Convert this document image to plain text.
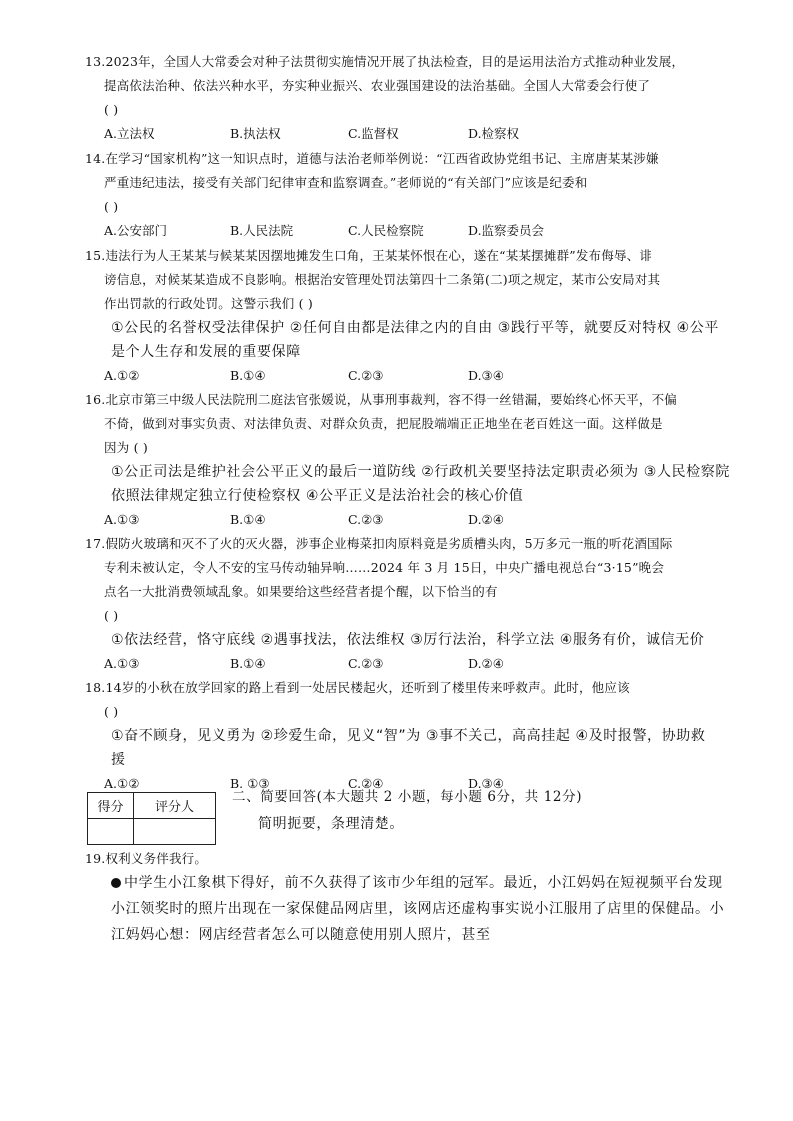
13.2023年，全国人大常委会对种子法贯彻实施情况开展了执法检查，目的是运用法治方式推动种业发展，
提高依法治种、依法兴种水平，夯实种业振兴、农业强国建设的法治基础。全国人大常委会行使了
( )
A.立法权	B.执法权	C.监督权	D.检察权
14.在学习“国家机构”这一知识点时，道德与法治老师举例说：“江西省政协党组书记、主席唐某某涉嫌
严重违纪违法，接受有关部门纪律审查和监察调查。”老师说的“有关部门”应该是纪委和
( )
A.公安部门	B.人民法院	C.人民检察院	D.监察委员会
15.违法行为人王某某与候某某因摆地摊发生口角，王某某怀恨在心，遂在“某某摆摊群”发布侮辱、诽
谤信息，对候某某造成不良影响。根据治安管理处罚法第四十二条第(二)项之规定，某市公安局对其
作出罚款的行政处罚。这警示我们 ( )
①公民的名誉权受法律保护 ②任何自由都是法律之内的自由 ③践行平等，就要反对特权 ④公平
是个人生存和发展的重要保障
A.①②	B.①④	C.②③	D.③④
16.北京市第三中级人民法院刑二庭法官张媛说，从事刑事裁判，容不得一丝错漏，要始终心怀天平，不偏
不倚，做到对事实负责、对法律负责、对群众负责，把屁股端端正正地坐在老百姓这一面。这样做是
因为 ( )
①公正司法是维护社会公平正义的最后一道防线 ②行政机关要坚持法定职责必须为 ③人民检察院
依照法律规定独立行使检察权 ④公平正义是法治社会的核心价值
A.①③	B.①④	C.②③	D.②④
17.假防火玻璃和灭不了火的灭火器，涉事企业梅菜扣肉原料竟是劣质槽头肉，5万多元一瓶的听花酒国际
专利未被认定，令人不安的宝马传动轴异响……2024 年 3 月 15日，中央广播电视总台“3·15”晚会
点名一大批消费领域乱象。如果要给这些经营者提个醒，以下恰当的有
( )
①依法经营，恪守底线 ②遇事找法，依法维权 ③厉行法治，科学立法 ④服务有价，诚信无价
A.①③	B.①④	C.②③	D.②④
18.14岁的小秋在放学回家的路上看到一处居民楼起火，还听到了楼里传来呼救声。此时，他应该
( )
①奋不顾身，见义勇为 ②珍爱生命，见义“智”为 ③事不关己，高高挂起 ④及时报警，协助救
援
A.①②	B. ①③	C.②④	D.③④
得分	评分人

二、简要回答(本大题共 2 小题，每小题 6分，共 12分)
简明扼要，条理清楚。
19.权利义务伴我行。
中学生小江象棋下得好，前不久获得了该市少年组的冠军。最近，小江妈妈在短视频平台发现
小江领奖时的照片出现在一家保健品网店里，该网店还虚构事实说小江服用了店里的保健品。小
江妈妈心想：网店经营者怎么可以随意使用别人照片，甚至
